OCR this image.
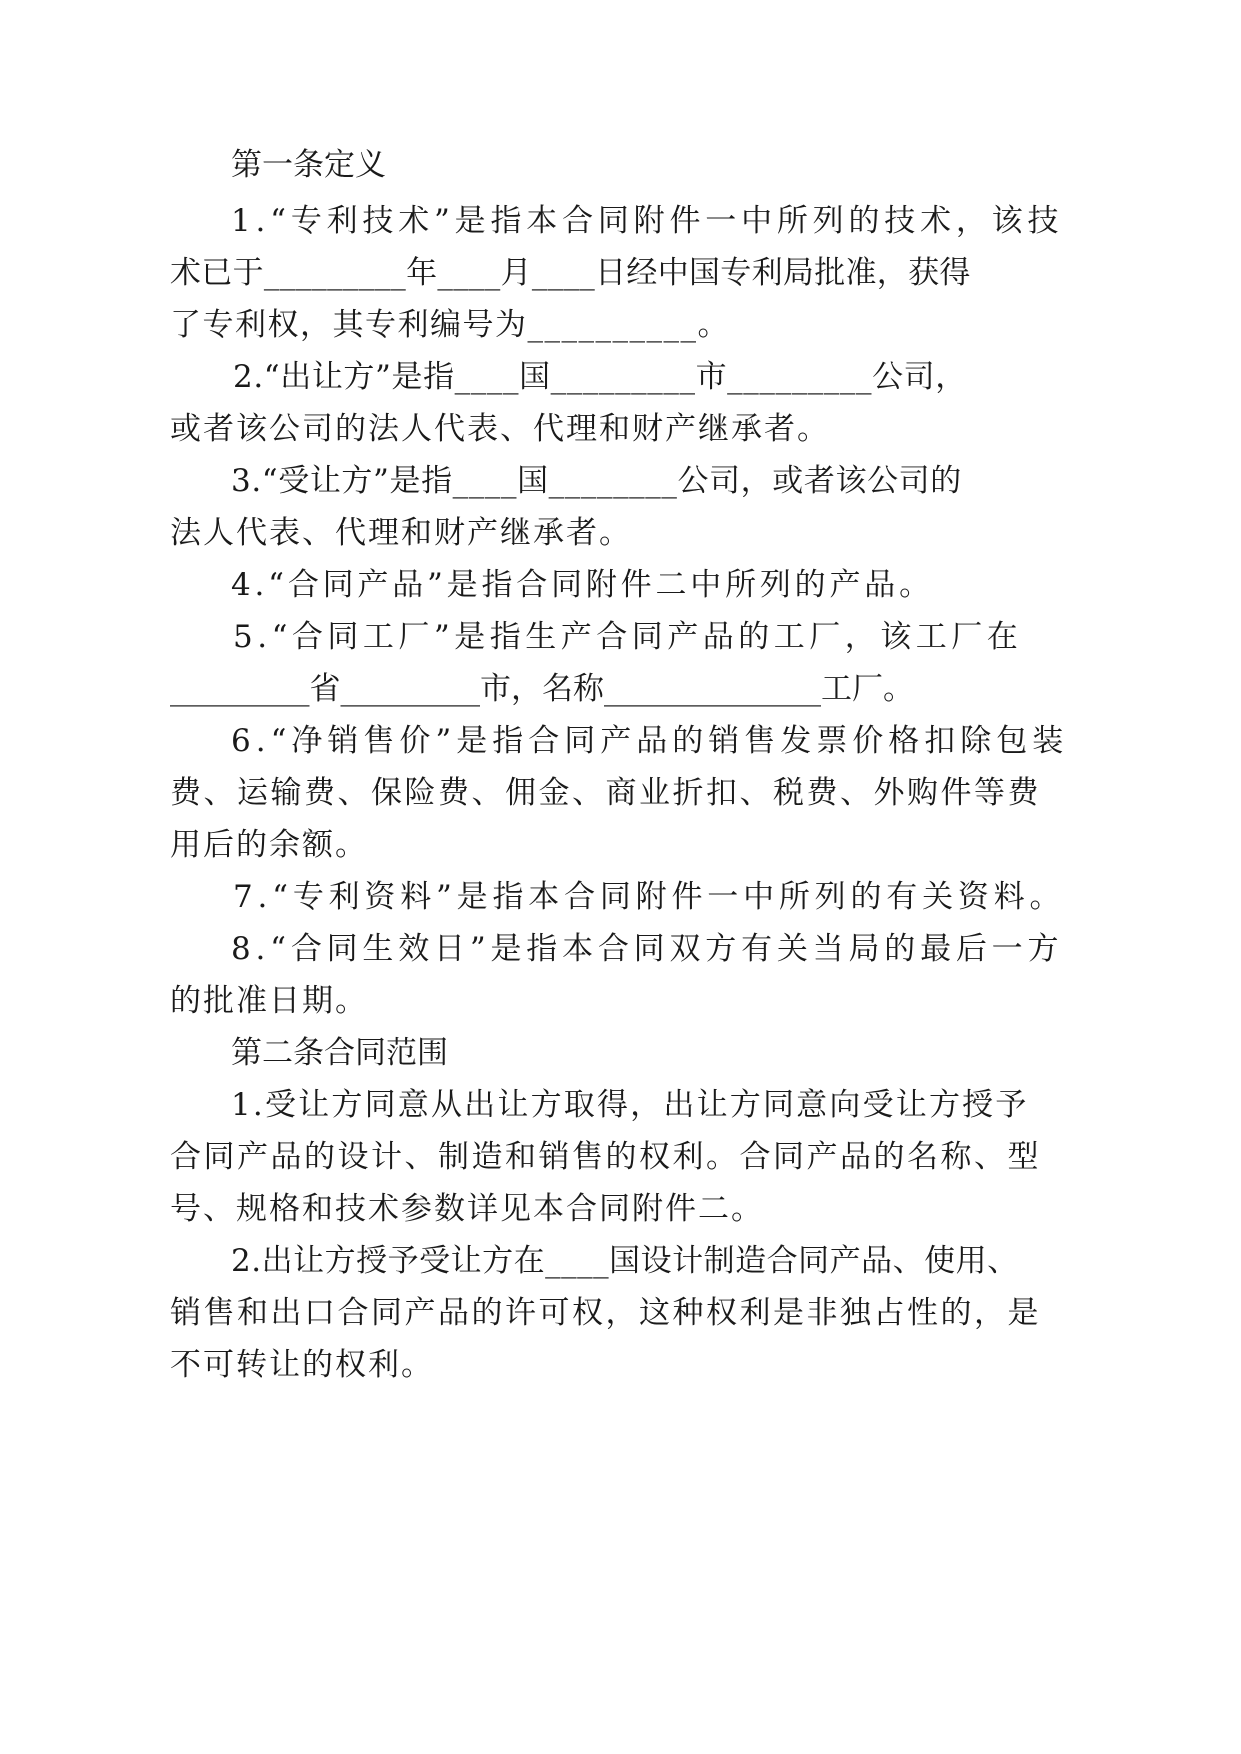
第一条定义
1.“专利技术”是指本合同附件一中所列的技术，该技
术已于_________年____月____日经中国专利局批准，获得
了专利权，其专利编号为__________。
2.“出让方”是指____国_________市_________公司，
或者该公司的法人代表、代理和财产继承者。
3.“受让方”是指____国________公司，或者该公司的
法人代表、代理和财产继承者。
4.“合同产品”是指合同附件二中所列的产品。
5.“合同工厂”是指生产合同产品的工厂，该工厂在
_________省_________市，名称______________工厂。
6.“净销售价”是指合同产品的销售发票价格扣除包装
费、运输费、保险费、佣金、商业折扣、税费、外购件等费
用后的余额。
7.“专利资料”是指本合同附件一中所列的有关资料。
8.“合同生效日”是指本合同双方有关当局的最后一方
的批准日期。
第二条合同范围
1.受让方同意从出让方取得，出让方同意向受让方授予
合同产品的设计、制造和销售的权利。合同产品的名称、型
号、规格和技术参数详见本合同附件二。
2.出让方授予受让方在____国设计制造合同产品、使用、
销售和出口合同产品的许可权，这种权利是非独占性的，是
不可转让的权利。
